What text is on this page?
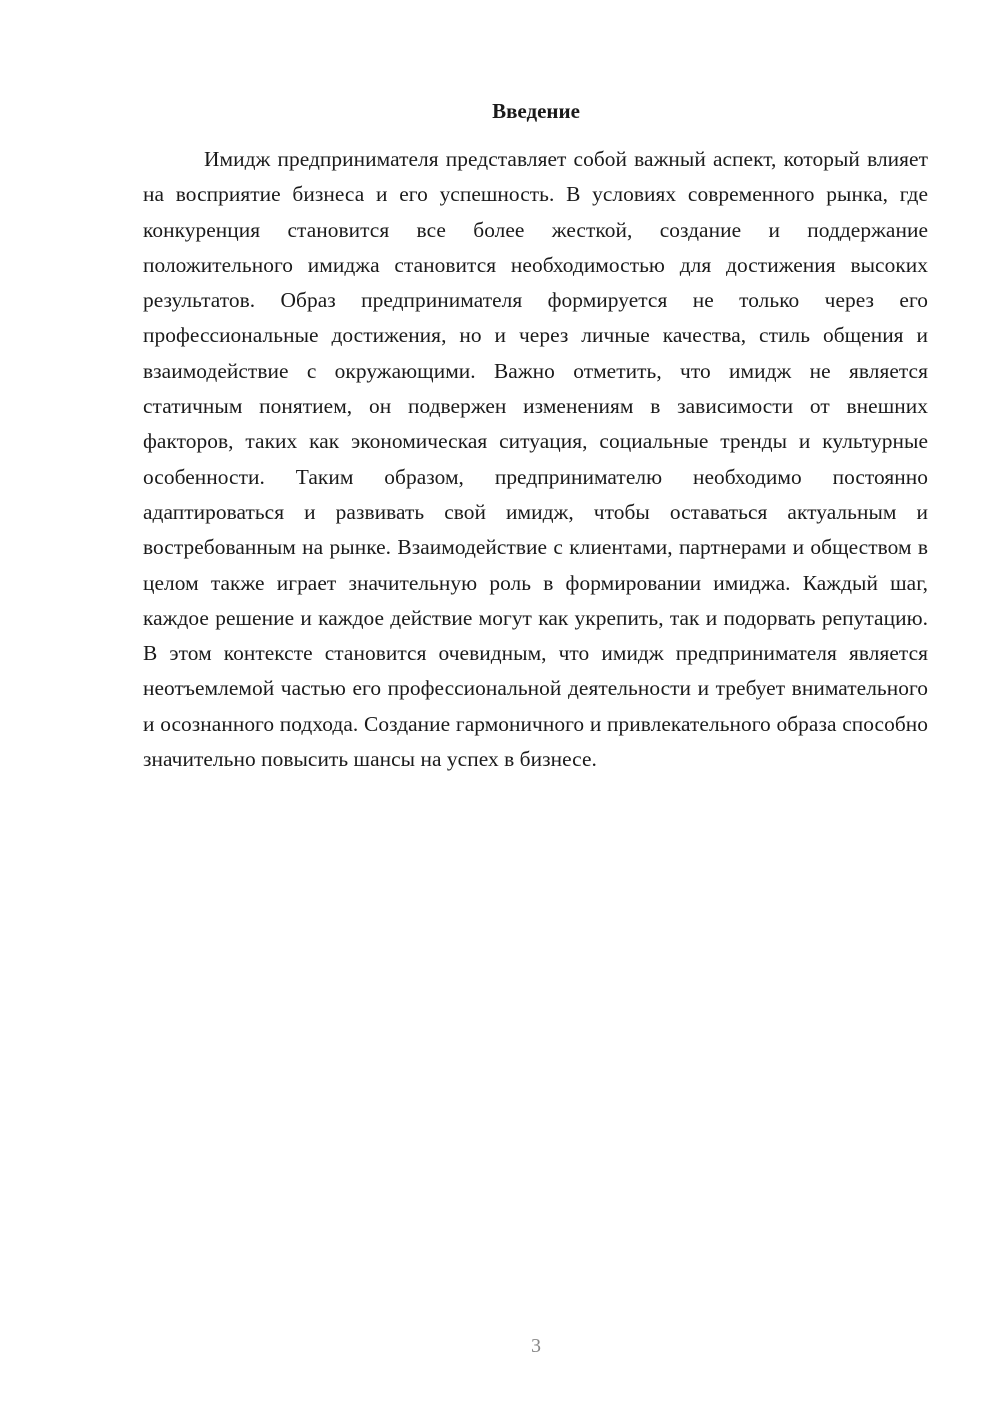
Введение

Имидж предпринимателя представляет собой важный аспект, который влияет на восприятие бизнеса и его успешность. В условиях современного рынка, где конкуренция становится все более жесткой, создание и поддержание положительного имиджа становится необходимостью для достижения высоких результатов. Образ предпринимателя формируется не только через его профессиональные достижения, но и через личные качества, стиль общения и взаимодействие с окружающими. Важно отметить, что имидж не является статичным понятием, он подвержен изменениям в зависимости от внешних факторов, таких как экономическая ситуация, социальные тренды и культурные особенности. Таким образом, предпринимателю необходимо постоянно адаптироваться и развивать свой имидж, чтобы оставаться актуальным и востребованным на рынке. Взаимодействие с клиентами, партнерами и обществом в целом также играет значительную роль в формировании имиджа. Каждый шаг, каждое решение и каждое действие могут как укрепить, так и подорвать репутацию. В этом контексте становится очевидным, что имидж предпринимателя является неотъемлемой частью его профессиональной деятельности и требует внимательного и осознанного подхода. Создание гармоничного и привлекательного образа способно значительно повысить шансы на успех в бизнесе.

3
